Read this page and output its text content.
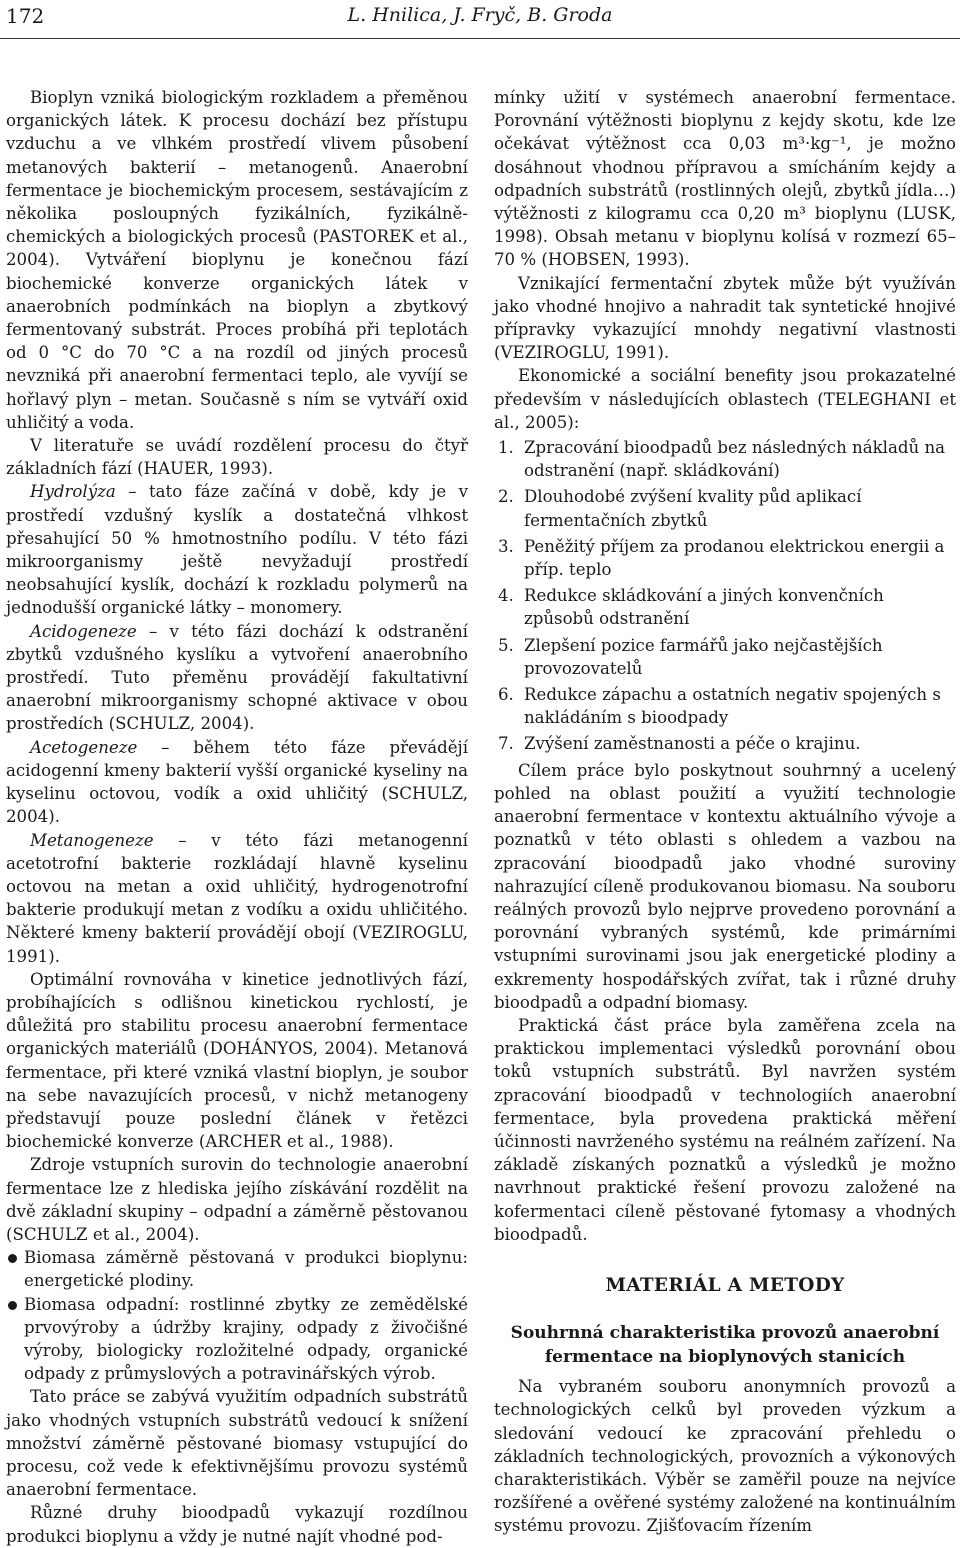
172	L. Hnilica, J. Fryč, B. Groda

Bioplyn vzniká biologickým rozkladem a přeměnou organických látek. K procesu dochází bez přístupu vzduchu a ve vlhkém prostředí vlivem působení metanových bakterií – metanogenů. Anaerobní fermentace je biochemickým procesem, sestávajícím z několika posloupných fyzikálních, fyzikálně-chemických a biologických procesů (PASTOREK et al., 2004). Vytváření bioplynu je konečnou fází biochemické konverze organických látek v anaerobních podmínkách na bioplyn a zbytkový fermentovaný substrát. Proces probíhá při teplotách od 0 °C do 70 °C a na rozdíl od jiných procesů nevzniká při anaerobní fermentaci teplo, ale vyvíjí se hořlavý plyn – metan. Současně s ním se vytváří oxid uhličitý a voda.

V literatuře se uvádí rozdělení procesu do čtyř základních fází (HAUER, 1993).

Hydrolýza – tato fáze začíná v době, kdy je v prostředí vzdušný kyslík a dostatečná vlhkost přesahující 50 % hmotnostního podílu. V této fázi mikroorganismy ještě nevyžadují prostředí neobsahující kyslík, dochází k rozkladu polymerů na jednodušší organické látky – monomery.

Acidogeneze – v této fázi dochází k odstranění zbytků vzdušného kyslíku a vytvoření anaerobního prostředí. Tuto přeměnu provádějí fakultativní anaerobní mikroorganismy schopné aktivace v obou prostředích (SCHULZ, 2004).

Acetogeneze – během této fáze převádějí acidogenní kmeny bakterií vyšší organické kyseliny na kyselinu octovou, vodík a oxid uhličitý (SCHULZ, 2004).

Metanogeneze – v této fázi metanogenní acetotrofní bakterie rozkládají hlavně kyselinu octovou na metan a oxid uhličitý, hydrogenotrofní bakterie produkují metan z vodíku a oxidu uhličitého. Některé kmeny bakterií provádějí obojí (VEZIROGLU, 1991).

Optimální rovnováha v kinetice jednotlivých fází, probíhajících s odlišnou kinetickou rychlostí, je důležitá pro stabilitu procesu anaerobní fermentace organických materiálů (DOHÁNYOS, 2004). Metanová fermentace, při které vzniká vlastní bioplyn, je soubor na sebe navazujících procesů, v nichž metanogeny představují pouze poslední článek v řetězci biochemické konverze (ARCHER et al., 1988).

Zdroje vstupních surovin do technologie anaerobní fermentace lze z hlediska jejího získávání rozdělit na dvě základní skupiny – odpadní a záměrně pěstovanou (SCHULZ et al., 2004).

Biomasa záměrně pěstovaná v produkci bioplynu: energetické plodiny.

Biomasa odpadní: rostlinné zbytky ze zemědělské prvovýroby a údržby krajiny, odpady z živočišné výroby, biologicky rozložitelné odpady, organické odpady z průmyslových a potravinářských výrob.

Tato práce se zabývá využitím odpadních substrátů jako vhodných vstupních substrátů vedoucí k snížení množství záměrně pěstované biomasy vstupující do procesu, což vede k efektivnějšímu provozu systémů anaerobní fermentace.

Různé druhy bioodpadů vykazují rozdílnou produkci bioplynu a vždy je nutné najít vhodné pod-

mínky užití v systémech anaerobní fermentace. Porovnání výtěžnosti bioplynu z kejdy skotu, kde lze očekávat výtěžnost cca 0,03 m³·kg⁻¹, je možno dosáhnout vhodnou přípravou a smícháním kejdy a odpadních substrátů (rostlinných olejů, zbytků jídla…) výtěžnosti z kilogramu cca 0,20 m³ bioplynu (LUSK, 1998). Obsah metanu v bioplynu kolísá v rozmezí 65–70 % (HOBSEN, 1993).

Vznikající fermentační zbytek může být využíván jako vhodné hnojivo a nahradit tak syntetické hnojivé přípravky vykazující mnohdy negativní vlastnosti (VEZIROGLU, 1991).

Ekonomické a sociální benefity jsou prokazatelné především v následujících oblastech (TELEGHANI et al., 2005):

1. Zpracování bioodpadů bez následných nákladů na odstranění (např. skládkování)
2. Dlouhodobé zvýšení kvality půd aplikací fermentačních zbytků
3. Peněžitý příjem za prodanou elektrickou energii a příp. teplo
4. Redukce skládkování a jiných konvenčních způsobů odstranění
5. Zlepšení pozice farmářů jako nejčastějších provozovatelů
6. Redukce zápachu a ostatních negativ spojených s nakládáním s bioodpady
7. Zvýšení zaměstnanosti a péče o krajinu.

Cílem práce bylo poskytnout souhrnný a ucelený pohled na oblast použití a využití technologie anaerobní fermentace v kontextu aktuálního vývoje a poznatků v této oblasti s ohledem a vazbou na zpracování bioodpadů jako vhodné suroviny nahrazující cíleně produkovanou biomasu. Na souboru reálných provozů bylo nejprve provedeno porovnání a porovnání vybraných systémů, kde primárními vstupními surovinami jsou jak energetické plodiny a exkrementy hospodářských zvířat, tak i různé druhy bioodpadů a odpadní biomasy.

Praktická část práce byla zaměřena zcela na praktickou implementaci výsledků porovnání obou toků vstupních substrátů. Byl navržen systém zpracování bioodpadů v technologiích anaerobní fermentace, byla provedena praktická měření účinnosti navrženého systému na reálném zařízení. Na základě získaných poznatků a výsledků je možno navrhnout praktické řešení provozu založené na kofermentaci cíleně pěstované fytomasy a vhodných bioodpadů.

MATERIÁL A METODY
Souhrnná charakteristika provozů anaerobní fermentace na bioplynových stanicích

Na vybraném souboru anonymních provozů a technologických celků byl proveden výzkum a sledování vedoucí ke zpracování přehledu o základních technologických, provozních a výkonových charakteristikách. Výběr se zaměřil pouze na nejvíce rozšířené a ověřené systémy založené na kontinuálním systému provozu. Zjišťovacím řízením
